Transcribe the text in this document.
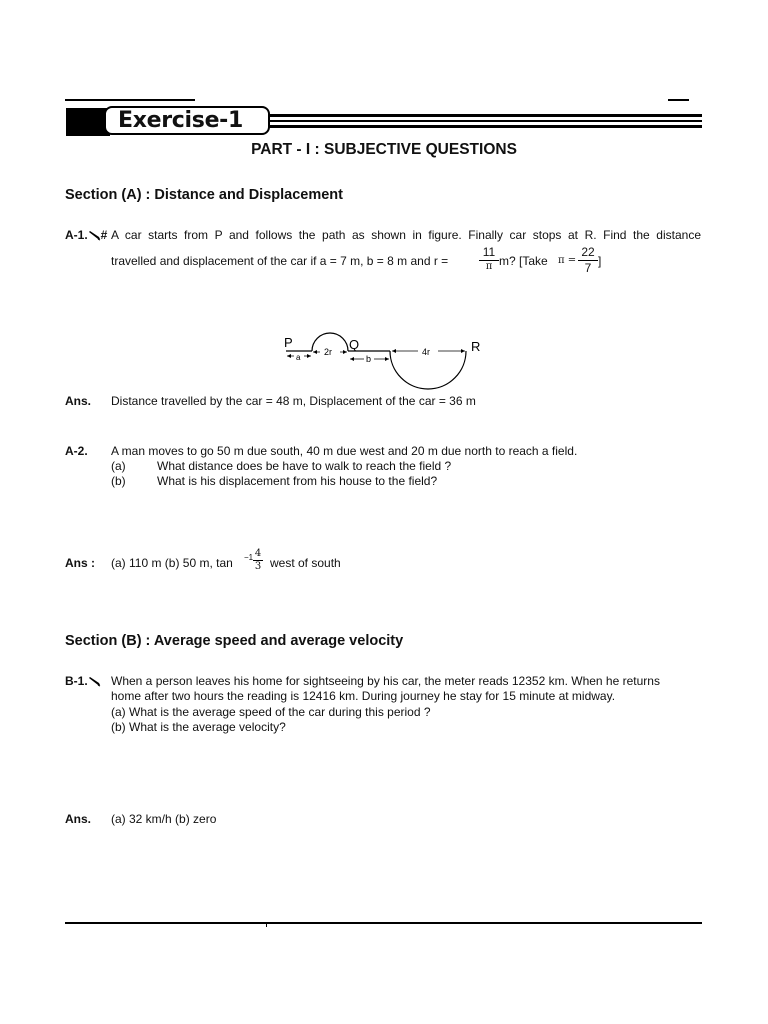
Exercise-1
PART - I : SUBJECTIVE QUESTIONS
Section (A) : Distance and Displacement
A-1. # A car starts from P and follows the path as shown in figure. Finally car stops at R. Find the distance
travelled and displacement of the car if a = 7 m, b = 8 m and r =
11
π m? [Take π =
22
7 ]
P	Q	R
a
2r
b
4r
Ans. Distance travelled by the car = 48 m, Displacement of the car = 36 m
A-2. A man moves to go 50 m due south, 40 m due west and 20 m due north to reach a field.
(a)	What distance does be have to walk to reach the field ?
(b)	What is his displacement from his house to the field?
Ans : (a) 110 m (b) 50 m, tan −1 4
3 west of south
Section (B) : Average speed and average velocity
B-1.	When a person leaves his home for sightseeing by his car, the meter reads 12352 km. When he returns
home after two hours the reading is 12416 km. During journey he stay for 15 minute at midway.
(a) What is the average speed of the car during this period ?
(b) What is the average velocity?
Ans. (a) 32 km/h (b) zero
